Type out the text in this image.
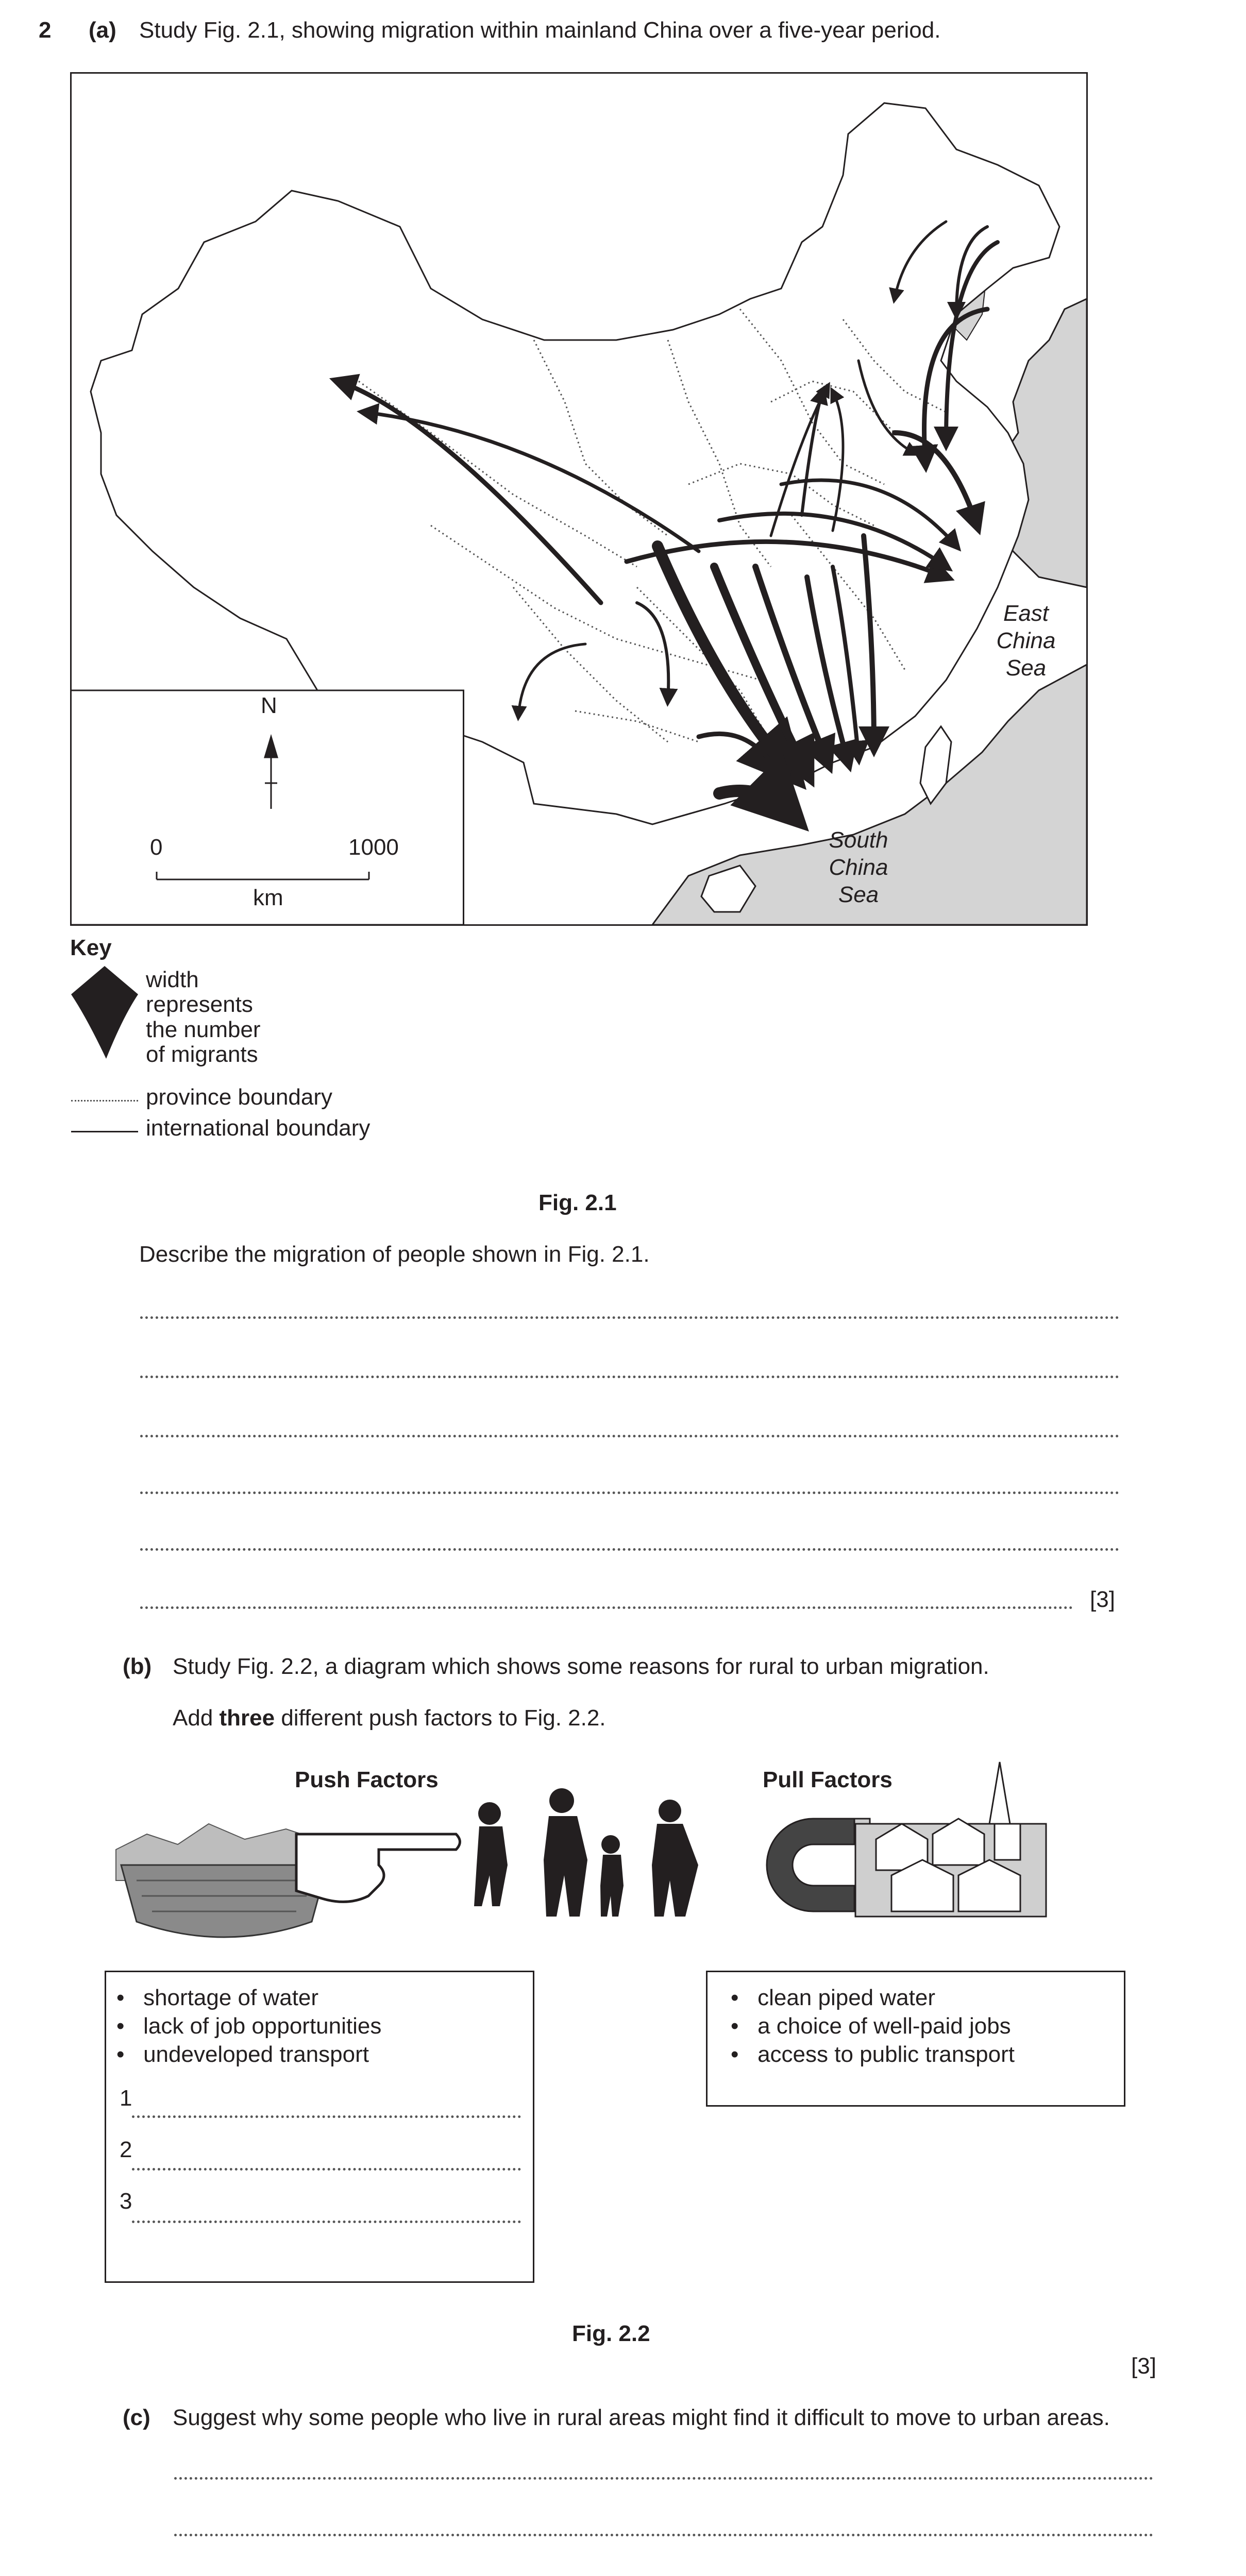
2 (a) Study Fig. 2.1, showing migration within mainland China over a five-year period.
N
0	1000
km
East
China
Sea
South
China
Sea
Key
width
represents
the number
of migrants
province boundary
international boundary
Fig. 2.1
Describe the migration of people shown in Fig. 2.1.
[3]
(b) Study Fig. 2.2, a diagram which shows some reasons for rural to urban migration.
Add three different push factors to Fig. 2.2.
Push Factors	Pull Factors
•   shortage of water
•   lack of job opportunities
•   undeveloped transport
1
2
3
•   clean piped water
•   a choice of well-paid jobs
•   access to public transport
Fig. 2.2
[3]
(c) Suggest why some people who live in rural areas might find it difficult to move to urban areas.
